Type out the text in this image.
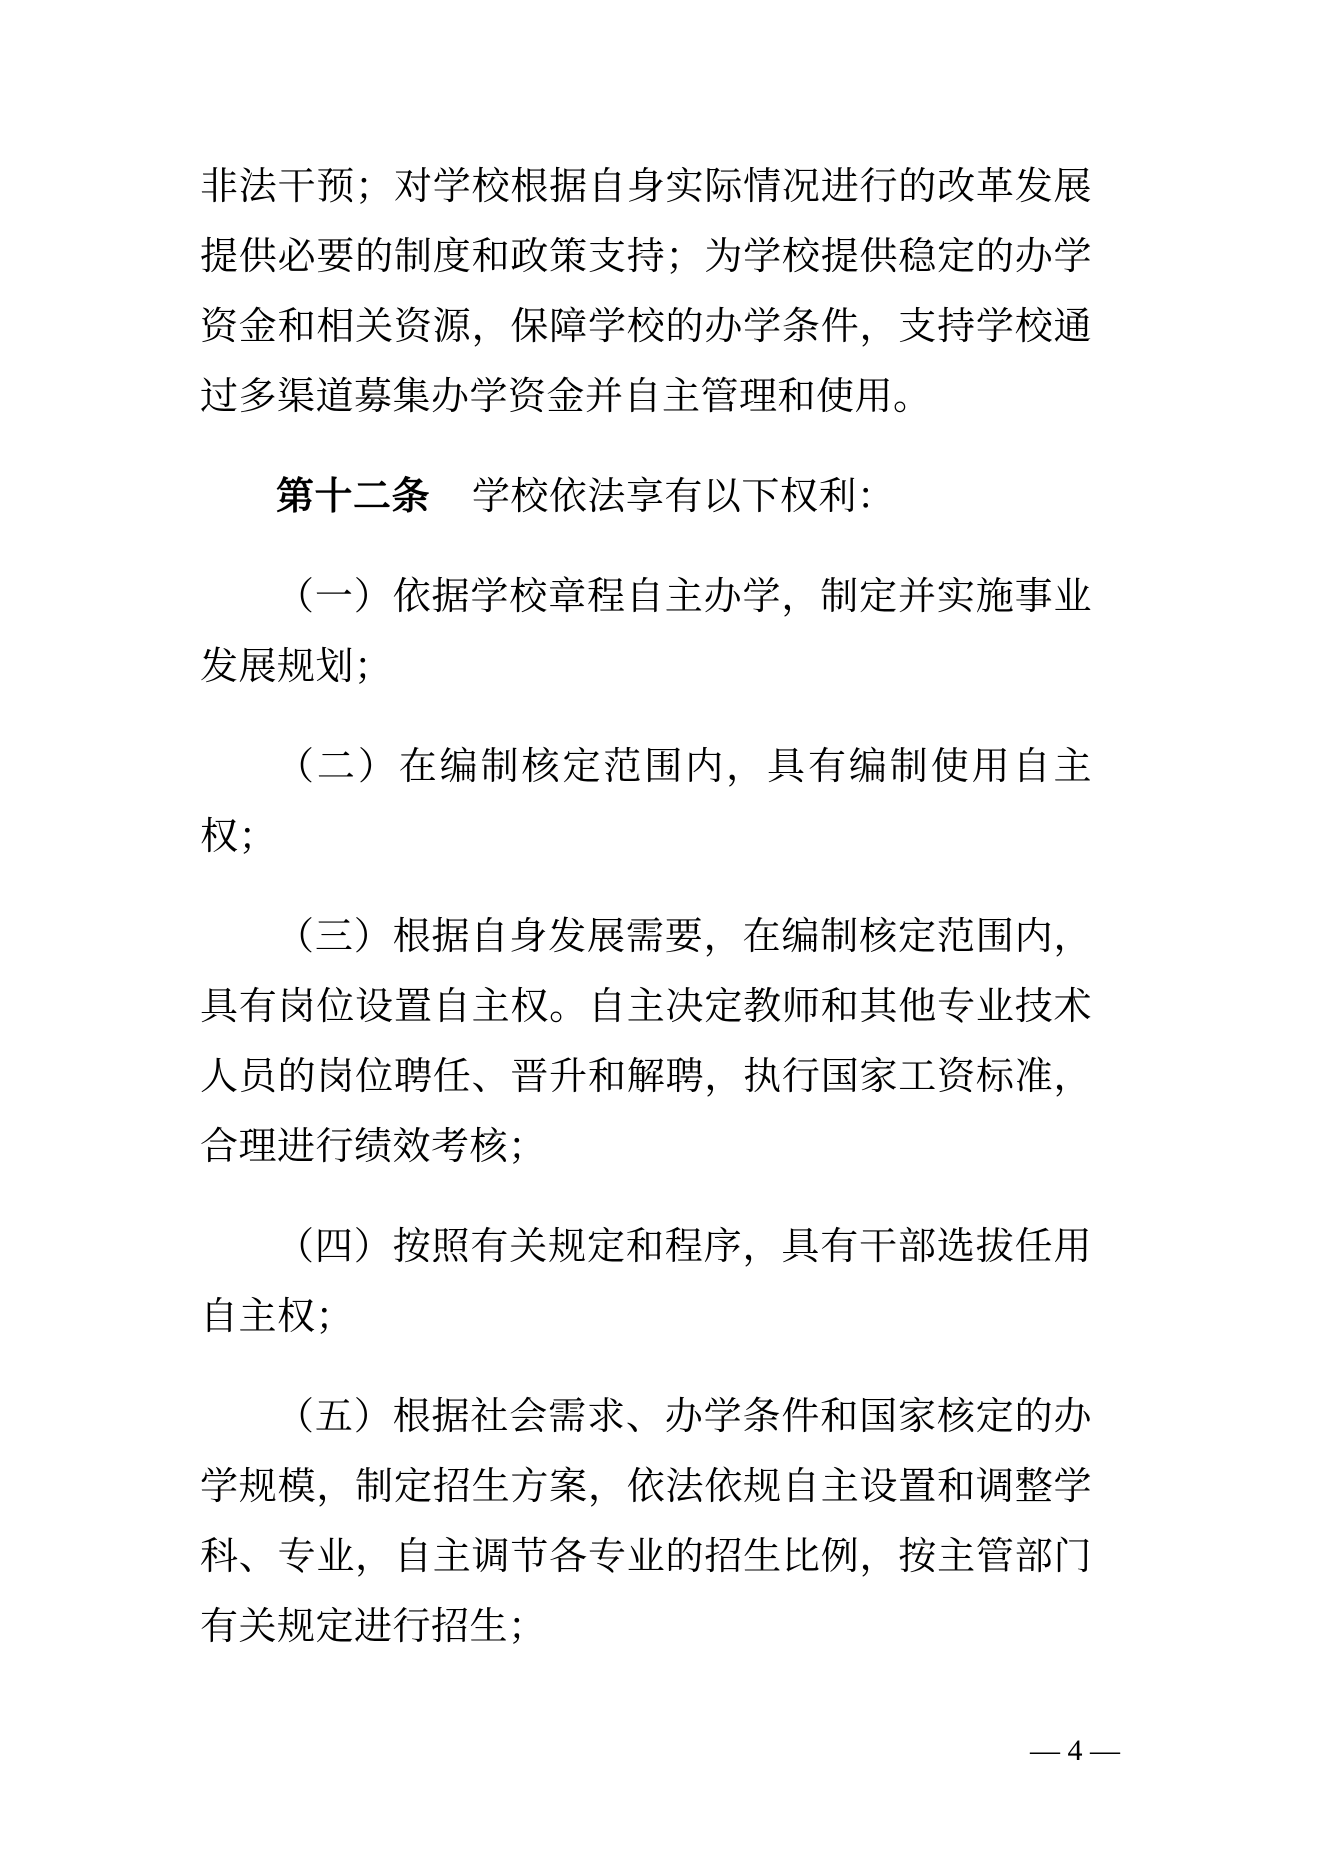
非法干预；对学校根据自身实际情况进行的改革发展提供必要的制度和政策支持；为学校提供稳定的办学资金和相关资源，保障学校的办学条件，支持学校通过多渠道募集办学资金并自主管理和使用。

第十二条 学校依法享有以下权利：

（一）依据学校章程自主办学，制定并实施事业发展规划；

（二）在编制核定范围内，具有编制使用自主权；

（三）根据自身发展需要，在编制核定范围内，具有岗位设置自主权。自主决定教师和其他专业技术人员的岗位聘任、晋升和解聘，执行国家工资标准，合理进行绩效考核；

（四）按照有关规定和程序，具有干部选拔任用自主权；

（五）根据社会需求、办学条件和国家核定的办学规模，制定招生方案，依法依规自主设置和调整学科、专业，自主调节各专业的招生比例，按主管部门有关规定进行招生；

— 4 —
